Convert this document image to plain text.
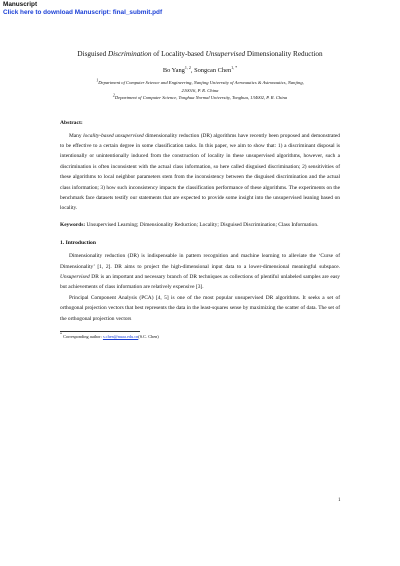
Manuscript
Click here to download Manuscript: final_submit.pdf
Disguised Discrimination of Locality-based Unsupervised Dimensionality Reduction
Bo Yang$^{1, 2}$, Songcan Chen$^{1, *}$
$^1$Department of Computer Science and Engineering, Nanjing University of Aeronautics & Astronautics, Nanjing,
210016, P. R. China
$^2$Department of Computer Science, Tonghua Normal University, Tonghua, 134002, P. R. China
Abstract:

Many locality-based unsupervised dimensionality reduction (DR) algorithms have recently been proposed and demonstrated to be effective to a certain degree in some classification tasks. In this paper, we aim to show that: 1) a discriminant disposal is intentionally or unintentionally induced from the construction of locality in these unsupervised algorithms, however, such a discrimination is often inconsistent with the actual class information, so here called disguised discrimination; 2) sensitivities of these algorithms to local neighbor parameters stem from the inconsistency between the disguised discrimination and the actual class information; 3) how such inconsistency impacts the classification performance of these algorithms. The experiments on the benchmark face datasets testify our statements that are expected to provide some insight into the unsupervised leaning based on locality.

Keywords: Unsupervised Learning; Dimensionality Reduction; Locality; Disguised Discrimination; Class Information.

1. Introduction

Dimensionality reduction (DR) is indispensable in pattern recognition and machine learning to alleviate the ‘Curse of Dimensionality’ [1, 2]. DR aims to project the high-dimensional input data to a lower-dimensional meaningful subspace. Unsupervised DR is an important and necessary branch of DR techniques as collections of plentiful unlabeled samples are easy but achievements of class information are relatively expensive [3].

Principal Component Analysis (PCA) [4, 5] is one of the most popular unsupervised DR algorithms. It seeks a set of orthogonal projection vectors that best represents the data in the least-squares sense by maximizing the scatter of data. The set of the orthogonal projection vectors

* Corresponding author: s.chen@nuaa.edu.cn(S.C. Chen)
1
